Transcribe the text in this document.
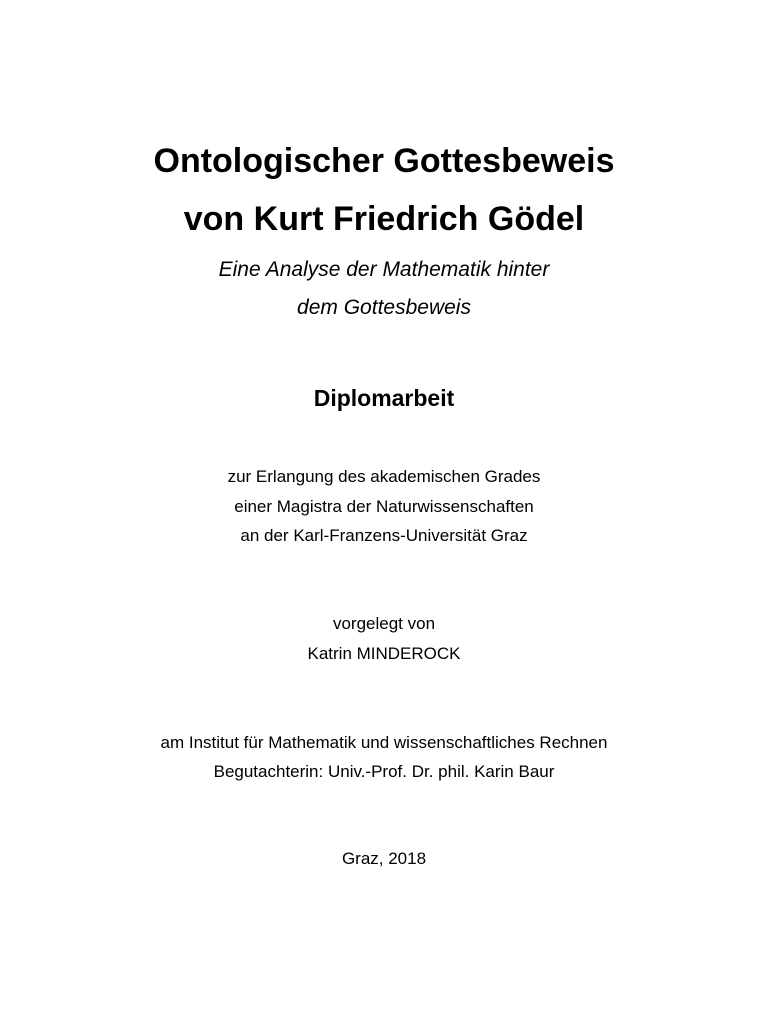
Ontologischer Gottesbeweis
von Kurt Friedrich Gödel

Eine Analyse der Mathematik hinter

dem Gottesbeweis

Diplomarbeit

zur Erlangung des akademischen Grades

einer Magistra der Naturwissenschaften

an der Karl-Franzens-Universität Graz

vorgelegt von

Katrin MINDEROCK

am Institut für Mathematik und wissenschaftliches Rechnen

Begutachterin: Univ.-Prof. Dr. phil. Karin Baur

Graz, 2018
